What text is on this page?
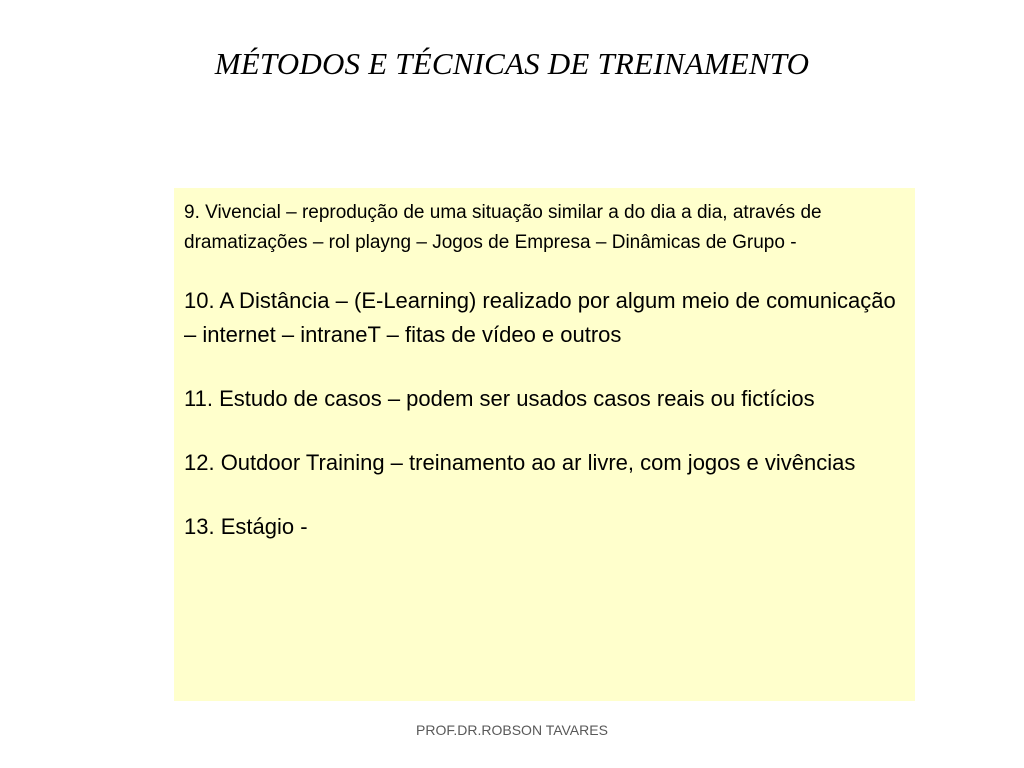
MÉTODOS E TÉCNICAS DE TREINAMENTO

9. Vivencial – reprodução de uma situação similar a do dia a dia, através de dramatizações – rol playng – Jogos de Empresa – Dinâmicas de Grupo -

10. A Distância – (E-Learning) realizado por algum meio de comunicação – internet – intraneT – fitas de vídeo e outros

11. Estudo de casos – podem ser usados casos reais ou fictícios

12. Outdoor Training – treinamento ao ar livre, com jogos e vivências

13. Estágio -

PROF.DR.ROBSON TAVARES
